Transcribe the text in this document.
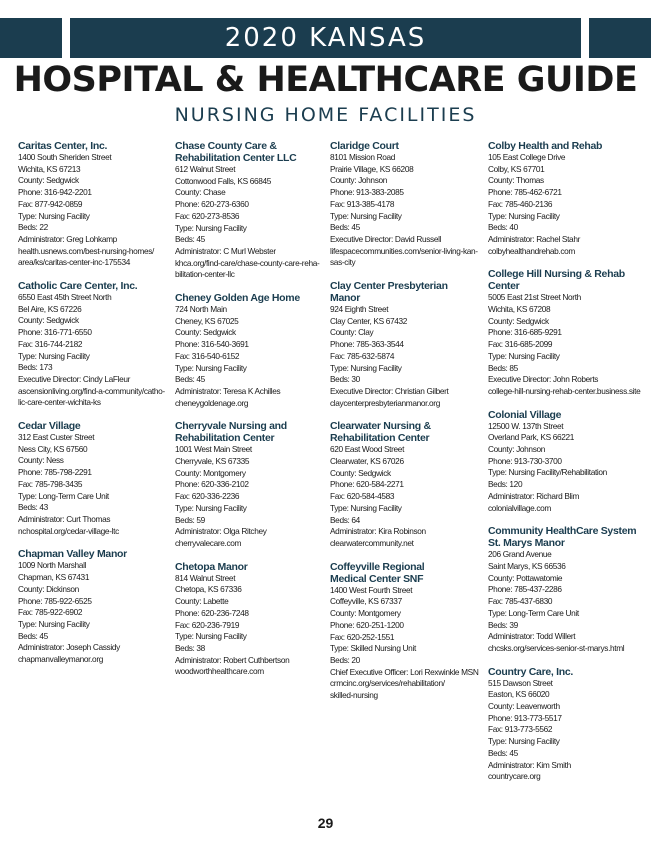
2020 KANSAS
HOSPITAL & HEALTHCARE GUIDE
NURSING HOME FACILITIES
Caritas Center, Inc.
1400 South Sheriden Street
Wichita, KS 67213
County: Sedgwick
Phone: 316-942-2201
Fax: 877-942-0859
Type: Nursing Facility
Beds: 22
Administrator: Greg Lohkamp
health.usnews.com/best-nursing-homes/
area/ks/caritas-center-inc-175534
Catholic Care Center, Inc.
6550 East 45th Street North
Bel Aire, KS 67226
County: Sedgwick
Phone: 316-771-6550
Fax: 316-744-2182
Type: Nursing Facility
Beds: 173
Executive Director: Cindy LaFleur
ascensionliving.org/find-a-community/catho-
lic-care-center-wichita-ks
Cedar Village
312 East Custer Street
Ness City, KS 67560
County: Ness
Phone: 785-798-2291
Fax: 785-798-3435
Type: Long-Term Care Unit
Beds: 43
Administrator: Curt Thomas
nchospital.org/cedar-village-ltc
Chapman Valley Manor
1009 North Marshall
Chapman, KS 67431
County: Dickinson
Phone: 785-922-6525
Fax: 785-922-6902
Type: Nursing Facility
Beds: 45
Administrator: Joseph Cassidy
chapmanvalleymanor.org
Chase County Care &
Rehabilitation Center LLC
612 Walnut Street
Cottonwood Falls, KS 66845
County: Chase
Phone: 620-273-6360
Fax: 620-273-8536
Type: Nursing Facility
Beds: 45
Administrator: C Murl Webster
khca.org/find-care/chase-county-care-reha-
bilitation-center-llc
Cheney Golden Age Home
724 North Main
Cheney, KS 67025
County: Sedgwick
Phone: 316-540-3691
Fax: 316-540-6152
Type: Nursing Facility
Beds: 45
Administrator: Teresa K Achilles
cheneygoldenage.org
Cherryvale Nursing and
Rehabilitation Center
1001 West Main Street
Cherryvale, KS 67335
County: Montgomery
Phone: 620-336-2102
Fax: 620-336-2236
Type: Nursing Facility
Beds: 59
Administrator: Olga Ritchey
cherryvalecare.com
Chetopa Manor
814 Walnut Street
Chetopa, KS 67336
County: Labette
Phone: 620-236-7248
Fax: 620-236-7919
Type: Nursing Facility
Beds: 38
Administrator: Robert Cuthbertson
woodworthhealthcare.com
Claridge Court
8101 Mission Road
Prairie Village, KS 66208
County: Johnson
Phone: 913-383-2085
Fax: 913-385-4178
Type: Nursing Facility
Beds: 45
Executive Director: David Russell
lifespacecommunities.com/senior-living-kan-
sas-city
Clay Center Presbyterian Manor
924 Eighth Street
Clay Center, KS 67432
County: Clay
Phone: 785-363-3544
Fax: 785-632-5874
Type: Nursing Facility
Beds: 30
Executive Director: Christian Gilbert
claycenterpresbyterianmanor.org
Clearwater Nursing &
Rehabilitation Center
620 East Wood Street
Clearwater, KS 67026
County: Sedgwick
Phone: 620-584-2271
Fax: 620-584-4583
Type: Nursing Facility
Beds: 64
Administrator: Kira Robinson
clearwatercommunity.net
Coffeyville Regional
Medical Center SNF
1400 West Fourth Street
Coffeyville, KS 67337
County: Montgomery
Phone: 620-251-1200
Fax: 620-252-1551
Type: Skilled Nursing Unit
Beds: 20
Chief Executive Officer: Lori Rexwinkle MSN
crmcinc.org/services/rehabilitation/
skilled-nursing
Colby Health and Rehab
105 East College Drive
Colby, KS 67701
County: Thomas
Phone: 785-462-6721
Fax: 785-460-2136
Type: Nursing Facility
Beds: 40
Administrator: Rachel Stahr
colbyhealthandrehab.com
College Hill Nursing & Rehab Center
5005 East 21st Street North
Wichita, KS 67208
County: Sedgwick
Phone: 316-685-9291
Fax: 316-685-2099
Type: Nursing Facility
Beds: 85
Executive Director: John Roberts
college-hill-nursing-rehab-center.business.site
Colonial Village
12500 W. 137th Street
Overland Park, KS 66221
County: Johnson
Phone: 913-730-3700
Type: Nursing Facility/Rehabilitation
Beds: 120
Administrator: Richard Blim
colonialvillage.com
Community HealthCare System
St. Marys Manor
206 Grand Avenue
Saint Marys, KS 66536
County: Pottawatomie
Phone: 785-437-2286
Fax: 785-437-6830
Type: Long-Term Care Unit
Beds: 39
Administrator: Todd Willert
chcsks.org/services-senior-st-marys.html
Country Care, Inc.
515 Dawson Street
Easton, KS 66020
County: Leavenworth
Phone: 913-773-5517
Fax: 913-773-5562
Type: Nursing Facility
Beds: 45
Administrator: Kim Smith
countrycare.org
29
